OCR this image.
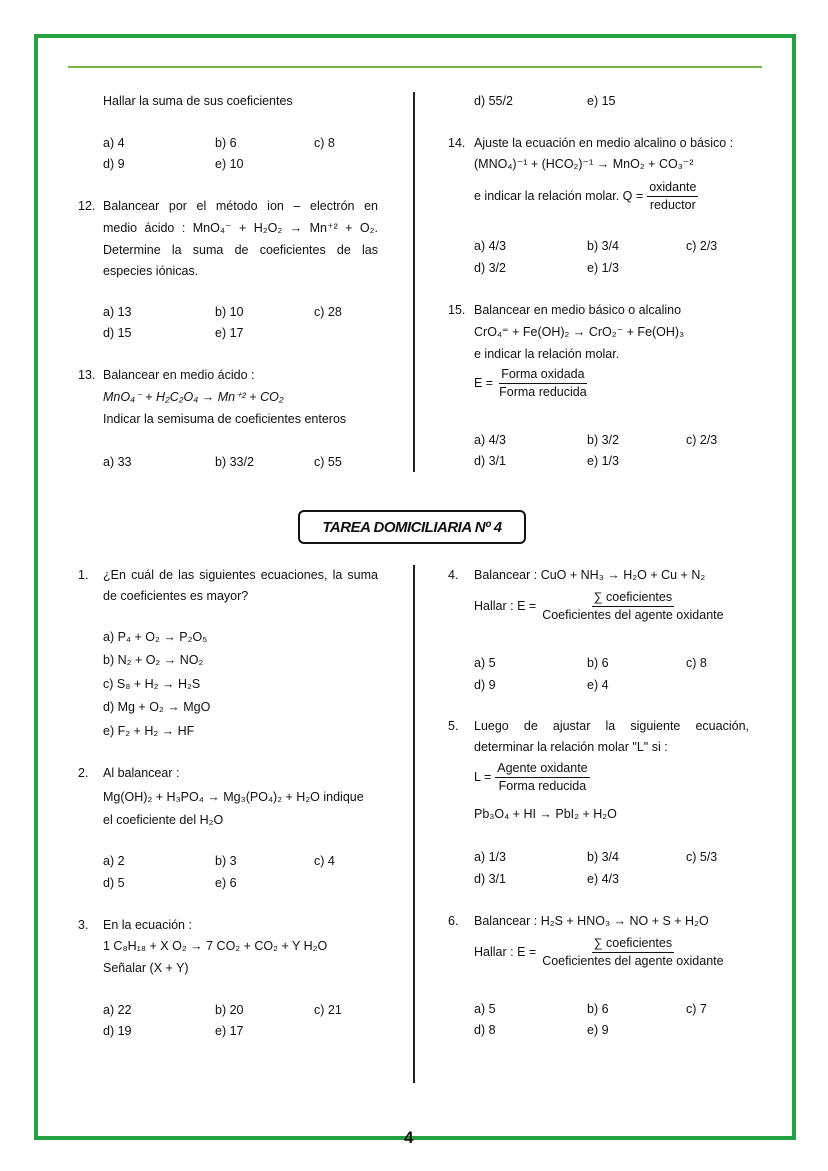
Hallar la suma de sus coeficientes
a) 4	b) 6	c) 8
d) 9	e) 10
12. Balancear por el método ion – electrón en
medio ácido : MnO₄⁻ + H₂O₂ → Mn⁺² + O₂.
Determine la suma de coeficientes de las
especies iónicas.
a) 13	b) 10	c) 28
d) 15	e) 17
13. Balancear en medio ácido :
MnO₄⁻ + H₂C₂O₄ → Mn⁺² + CO₂
Indicar la semisuma de coeficientes enteros
a) 33	b) 33/2	c) 55
d) 55/2	e) 15
14. Ajuste la ecuación en medio alcalino o básico :
(MNO₄)⁻¹ + (HCO₂)⁻¹ → MnO₂ + CO₃⁻²
e indicar la relación molar. $Q = \frac{\text{oxidante}}{\text{reductor}}$
a) 4/3	b) 3/4	c) 2/3
d) 3/2	e) 1/3
15. Balancear en medio básico o alcalino
CrO₄⁼ + Fe(OH)₂ → CrO₂⁻ + Fe(OH)₃
e indicar la relación molar.
$E = \frac{\text{Forma oxidada}}{\text{Forma reducida}}$
a) 4/3	b) 3/2	c) 2/3
d) 3/1	e) 1/3
TAREA DOMICILIARIA Nº 4
1. ¿En cuál de las siguientes ecuaciones, la suma
de coeficientes es mayor?
a) P₄ + O₂ → P₂O₅
b) N₂ + O₂ → NO₂
c) S₈ + H₂ → H₂S
d) Mg + O₂ → MgO
e) F₂ + H₂ → HF
2. Al balancear :
Mg(OH)₂ + H₃PO₄ → Mg₃(PO₄)₂ + H₂O indique
el coeficiente del H₂O
a) 2	b) 3	c) 4
d) 5	e) 6
3. En la ecuación :
1 C₈H₁₈ + X O₂ → 7 CO₂ + CO₂ + Y H₂O
Señalar (X + Y)
a) 22	b) 20	c) 21
d) 19	e) 17
4. Balancear : CuO + NH₃ → H₂O + Cu + N₂
Hallar : $E = \frac{\text{∑ coeficientes}}{\text{Coeficientes del agente oxidante}}$
a) 5	b) 6	c) 8
d) 9	e) 4
5. Luego de ajustar la siguiente ecuación,
determinar la relación molar "L" si :
$L = \frac{\text{Agente oxidante}}{\text{Forma reducida}}$
Pb₃O₄ + HI → PbI₂ + H₂O
a) 1/3	b) 3/4	c) 5/3
d) 3/1	e) 4/3
6. Balancear : H₂S + HNO₃ → NO + S + H₂O
Hallar : $E = \frac{\text{∑ coeficientes}}{\text{Coeficientes del agente oxidante}}$
a) 5	b) 6	c) 7
d) 8	e) 9
4
